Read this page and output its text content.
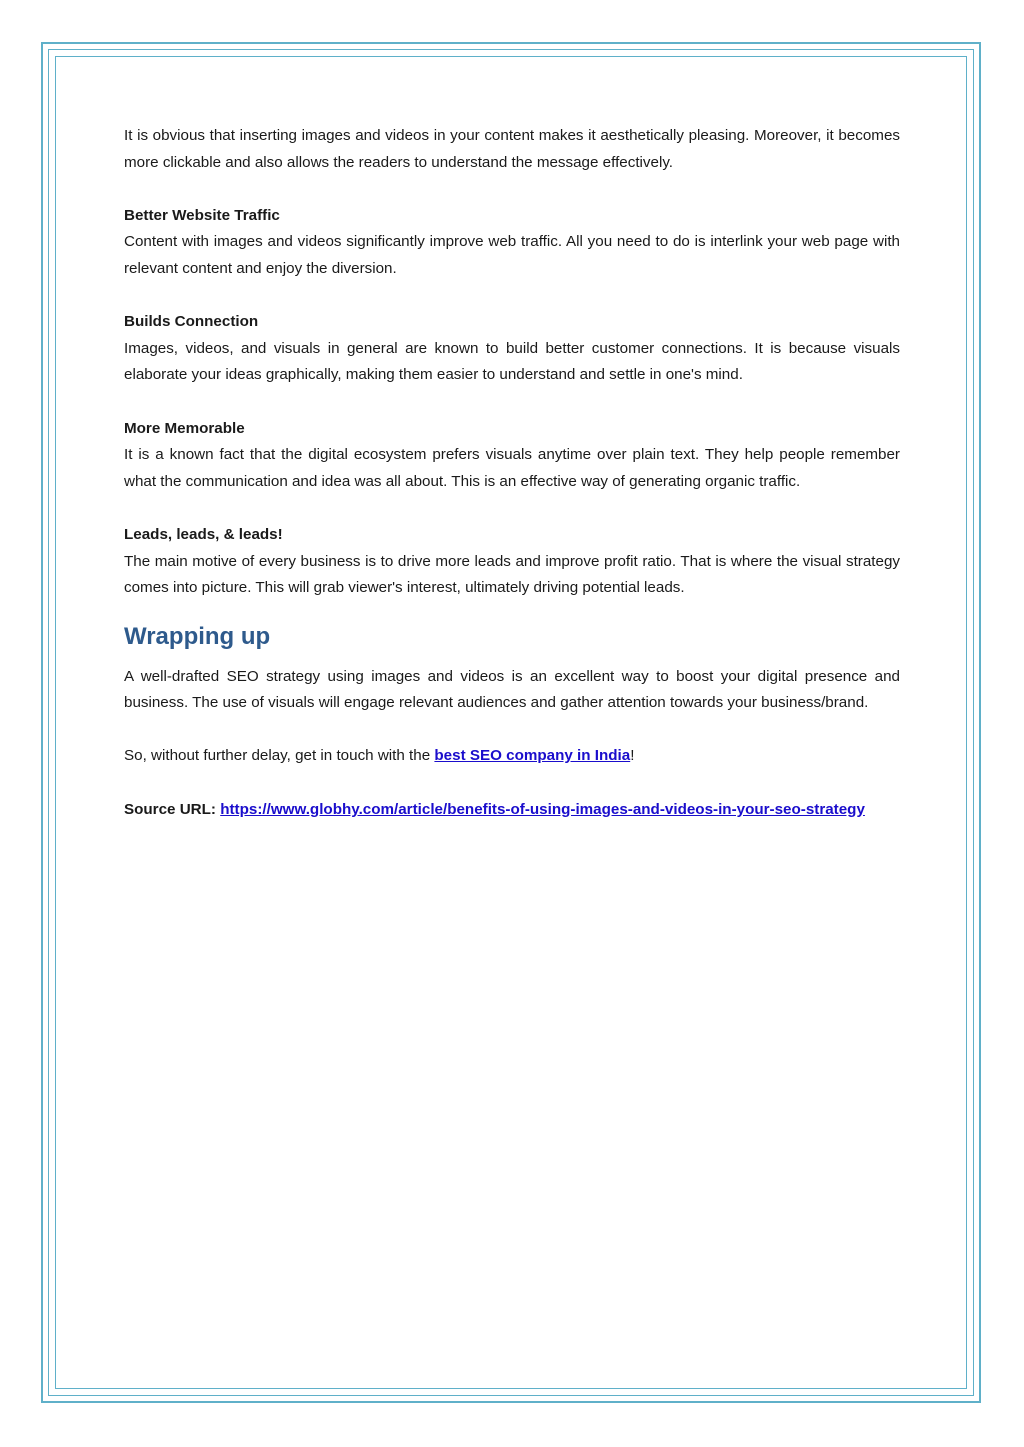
It is obvious that inserting images and videos in your content makes it aesthetically pleasing. Moreover, it becomes more clickable and also allows the readers to understand the message effectively.

Better Website Traffic

Content with images and videos significantly improve web traffic. All you need to do is interlink your web page with relevant content and enjoy the diversion.

Builds Connection

Images, videos, and visuals in general are known to build better customer connections. It is because visuals elaborate your ideas graphically, making them easier to understand and settle in one's mind.

More Memorable

It is a known fact that the digital ecosystem prefers visuals anytime over plain text. They help people remember what the communication and idea was all about. This is an effective way of generating organic traffic.

Leads, leads, & leads!

The main motive of every business is to drive more leads and improve profit ratio. That is where the visual strategy comes into picture. This will grab viewer's interest, ultimately driving potential leads.

Wrapping up

A well-drafted SEO strategy using images and videos is an excellent way to boost your digital presence and business. The use of visuals will engage relevant audiences and gather attention towards your business/brand.

So, without further delay, get in touch with the best SEO company in India!

Source URL: https://www.globhy.com/article/benefits-of-using-images-and-videos-in-your-seo-strategy
